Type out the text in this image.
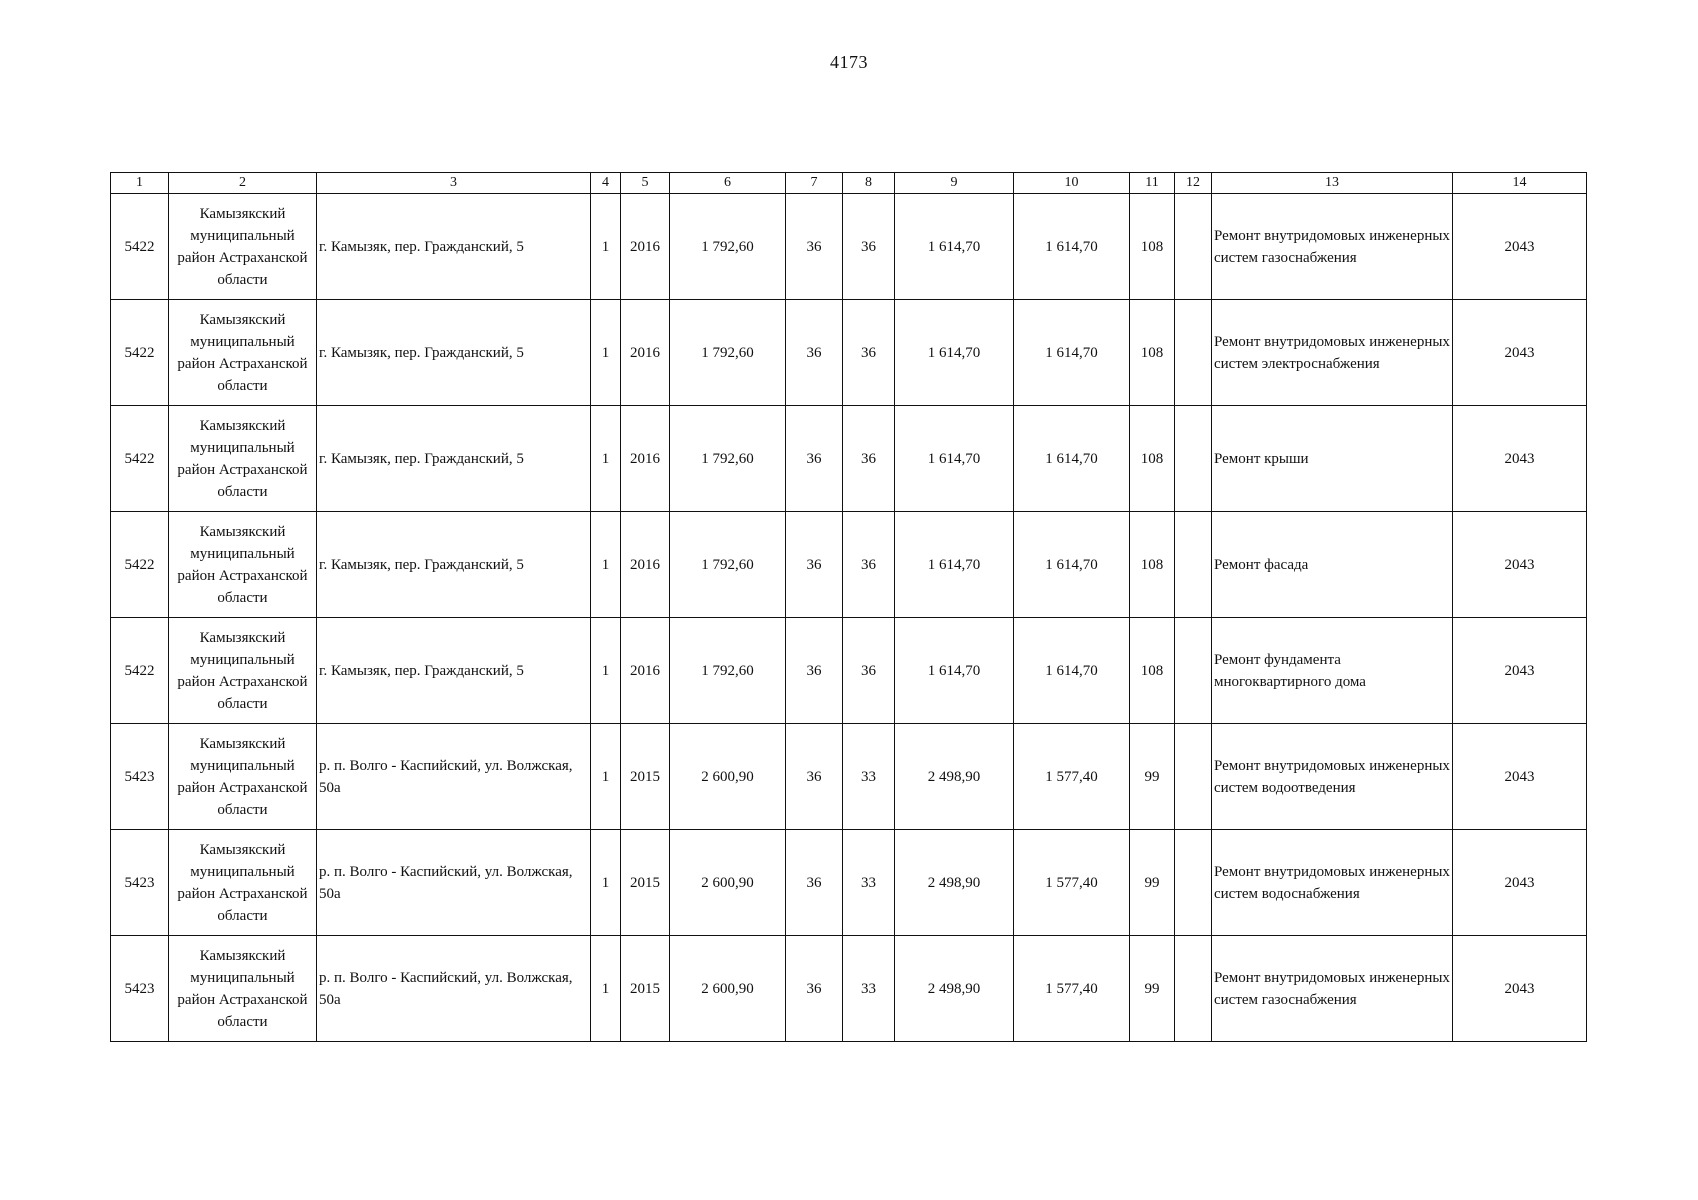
4173
1	2	3	4	5	6	7	8	9	10	11	12	13	14
5422	Камызякский муниципальный район Астраханской области	г. Камызяк, пер. Гражданский, 5	1	2016	1 792,60	36	36	1 614,70	1 614,70	108		Ремонт внутридомовых инженерных систем газоснабжения	2043
5422	Камызякский муниципальный район Астраханской области	г. Камызяк, пер. Гражданский, 5	1	2016	1 792,60	36	36	1 614,70	1 614,70	108		Ремонт внутридомовых инженерных систем электроснабжения	2043
5422	Камызякский муниципальный район Астраханской области	г. Камызяк, пер. Гражданский, 5	1	2016	1 792,60	36	36	1 614,70	1 614,70	108		Ремонт крыши	2043
5422	Камызякский муниципальный район Астраханской области	г. Камызяк, пер. Гражданский, 5	1	2016	1 792,60	36	36	1 614,70	1 614,70	108		Ремонт фасада	2043
5422	Камызякский муниципальный район Астраханской области	г. Камызяк, пер. Гражданский, 5	1	2016	1 792,60	36	36	1 614,70	1 614,70	108		Ремонт фундамента многоквартирного дома	2043
5423	Камызякский муниципальный район Астраханской области	р. п. Волго - Каспийский, ул. Волжская, 50а	1	2015	2 600,90	36	33	2 498,90	1 577,40	99		Ремонт внутридомовых инженерных систем водоотведения	2043
5423	Камызякский муниципальный район Астраханской области	р. п. Волго - Каспийский, ул. Волжская, 50а	1	2015	2 600,90	36	33	2 498,90	1 577,40	99		Ремонт внутридомовых инженерных систем водоснабжения	2043
5423	Камызякский муниципальный район Астраханской области	р. п. Волго - Каспийский, ул. Волжская, 50а	1	2015	2 600,90	36	33	2 498,90	1 577,40	99		Ремонт внутридомовых инженерных систем газоснабжения	2043
